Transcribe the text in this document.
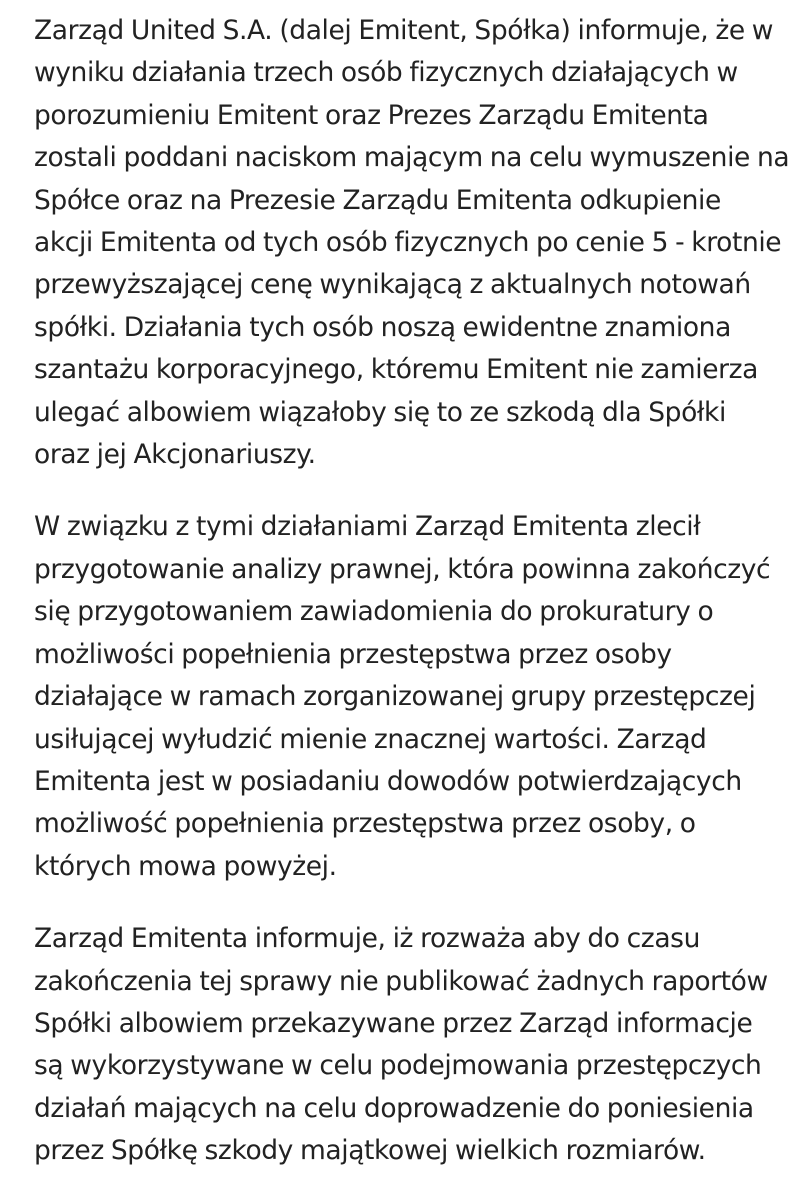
Zarząd United S.A. (dalej Emitent, Spółka) informuje, że w
wyniku działania trzech osób fizycznych działających w
porozumieniu Emitent oraz Prezes Zarządu Emitenta
zostali poddani naciskom mającym na celu wymuszenie na
Spółce oraz na Prezesie Zarządu Emitenta odkupienie
akcji Emitenta od tych osób fizycznych po cenie 5 - krotnie
przewyższającej cenę wynikającą z aktualnych notowań
spółki. Działania tych osób noszą ewidentne znamiona
szantażu korporacyjnego, któremu Emitent nie zamierza
ulegać albowiem wiązałoby się to ze szkodą dla Spółki
oraz jej Akcjonariuszy.

W związku z tymi działaniami Zarząd Emitenta zlecił
przygotowanie analizy prawnej, która powinna zakończyć
się przygotowaniem zawiadomienia do prokuratury o
możliwości popełnienia przestępstwa przez osoby
działające w ramach zorganizowanej grupy przestępczej
usiłującej wyłudzić mienie znacznej wartości. Zarząd
Emitenta jest w posiadaniu dowodów potwierdzających
możliwość popełnienia przestępstwa przez osoby, o
których mowa powyżej.

Zarząd Emitenta informuje, iż rozważa aby do czasu
zakończenia tej sprawy nie publikować żadnych raportów
Spółki albowiem przekazywane przez Zarząd informacje
są wykorzystywane w celu podejmowania przestępczych
działań mających na celu doprowadzenie do poniesienia
przez Spółkę szkody majątkowej wielkich rozmiarów.
